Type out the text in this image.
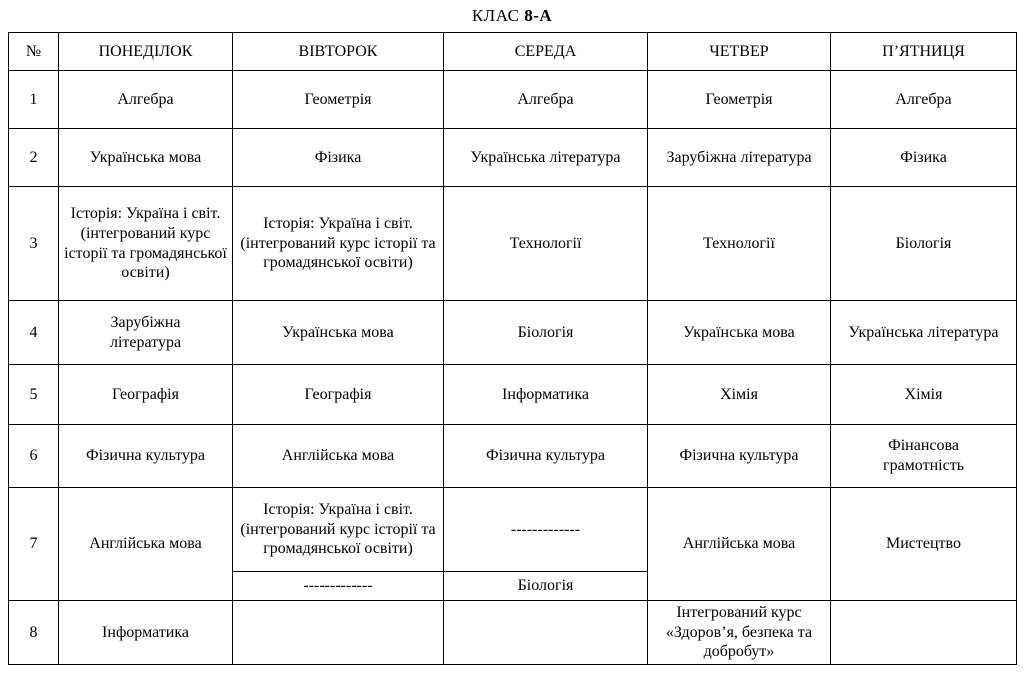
КЛАС 8-А
№	ПОНЕДІЛОК	ВІВТОРОК	СЕРЕДА	ЧЕТВЕР	П’ЯТНИЦЯ
1	Алгебра	Геометрія	Алгебра	Геометрія	Алгебра
2	Українська мова	Фізика	Українська література	Зарубіжна література	Фізика
3	Історія: Україна і світ. (інтегрований курс історії та громадянської освіти)	Історія: Україна і світ. (інтегрований курс історії та громадянської освіти)	Технології	Технології	Біологія
4	Зарубіжна література	Українська мова	Біологія	Українська мова	Українська література
5	Географія	Географія	Інформатика	Хімія	Хімія
6	Фізична культура	Англійська мова	Фізична культура	Фізична культура	Фінансова грамотність
7	Англійська мова	Історія: Україна і світ. (інтегрований курс історії та громадянської освіти)	-------------	Англійська мова	Мистецтво
		-------------	Біологія		
8	Інформатика			Інтегрований курс «Здоров’я, безпека та добробут»	
